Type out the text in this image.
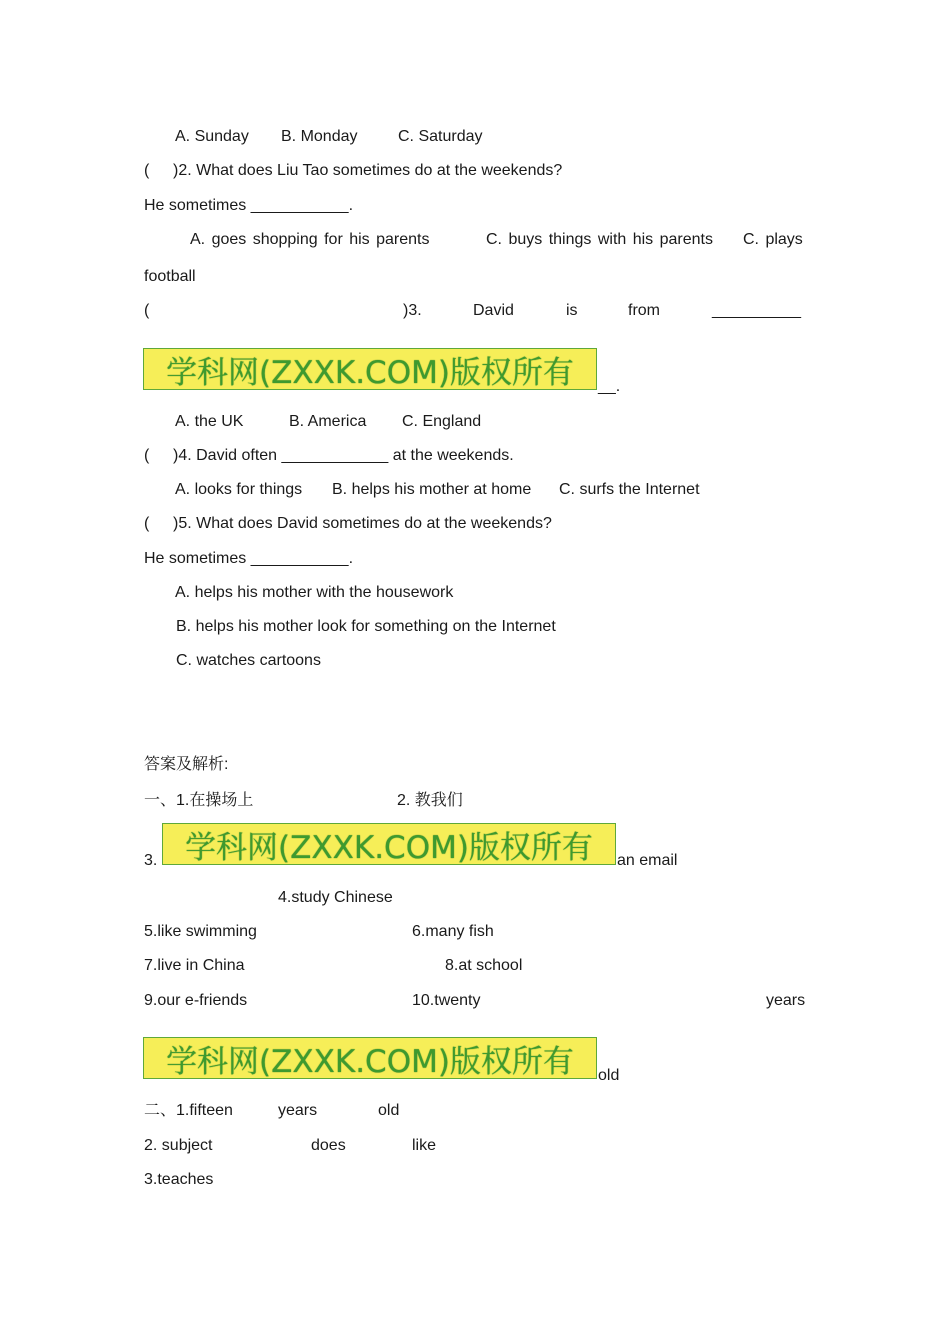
A. Sunday B. Monday	C. Saturday
( )2. What does Liu Tao sometimes do at the weekends?
He sometimes ___________.
A. goes shopping for his parents	C. buys things with his parents C. plays
football
(	)3.	David	is	from	__________
学科网(ZXXK.COM)版权所有 __.
A. the UK	B. America C. England
( )4. David often ____________ at the weekends.
A. looks for things B. helps his mother at home C. surfs the Internet
( )5. What does David sometimes do at the weekends?
He sometimes ___________.
A. helps his mother with the housework
B. helps his mother look for something on the Internet
C. watches cartoons
答案及解析:
一、1.在操场上	2. 教我们
3. 学科网(ZXXK.COM)版权所有 an email
4.study Chinese
5.like swimming	6.many fish
7.live in China	8.at school
9.our e-friends	10.twenty	years
学科网(ZXXK.COM)版权所有 old
二、1.fifteen	years	old
2. subject	does	like
3.teaches
